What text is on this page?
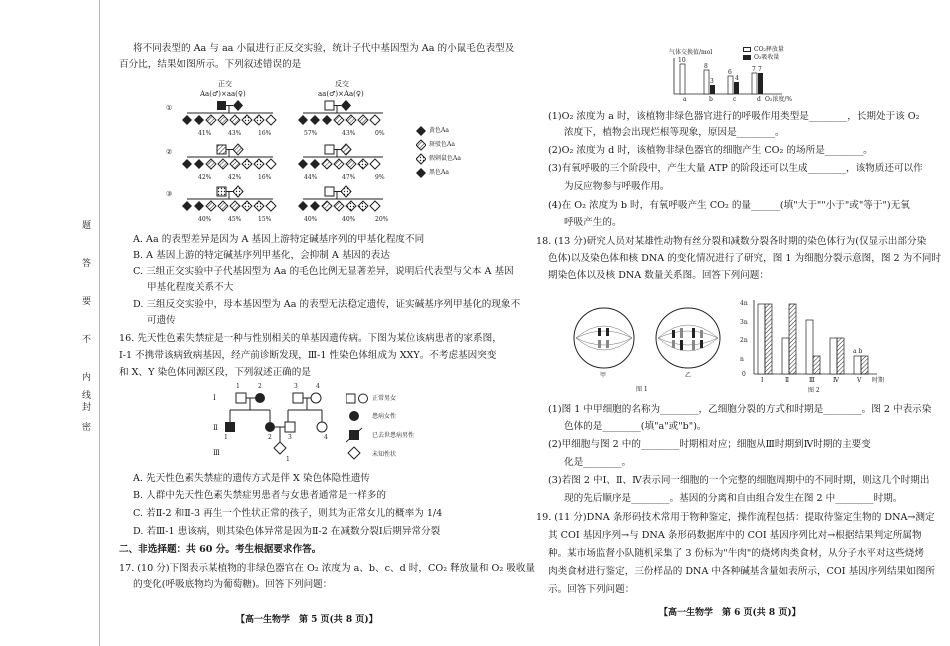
题
答
要
不
内
线
封
密
将不同表型的 Aa 与 aa 小鼠进行正反交实验，统计子代中基因型为 Aa 的小鼠毛色表型及
百分比，结果如图所示。下列叙述错误的是
正交
Aa(♂)×aa(♀)
反交
aa(♂)×Aa(♀)
①
②
③
41%	43%	16%	57%	43%	0%
42%	42%	16%	44%	47%	9%
40%	45%	15%	40%	40%	20%
黄色Aa
斑驳色Aa
假刺鼠色Aa
黑色Aa
A. Aa 的表型差异是因为 A 基因上游特定碱基序列的甲基化程度不同
B. A 基因上游的特定碱基序列甲基化，会抑制 A 基因的表达
C. 三组正交实验中子代基因型为 Aa 的毛色比例无显著差异，说明后代表型与父本 A 基因
甲基化程度关系不大
D. 三组反交实验中，母本基因型为 Aa 的表型无法稳定遗传，证实碱基序列甲基化的现象不
可遗传
16. 先天性色素失禁症是一种与性别相关的单基因遗传病。下图为某位该病患者的家系图，
Ⅰ-1 不携带该病致病基因，经产前诊断发现，Ⅲ-1 性染色体组成为 XXY。不考虑基因突变
和 X、Y 染色体同源区段，下列叙述正确的是
Ⅰ
Ⅱ
Ⅲ
1	2	3	4
1	2	3	4
1
正常男女
患病女性
已去世患病男性
未知性状
A. 先天性色素失禁症的遗传方式是伴 X 染色体隐性遗传
B. 人群中先天性色素失禁症男患者与女患者通常是一样多的
C. 若Ⅱ-2 和Ⅱ-3 再生一个性状正常的孩子，则其为正常女儿的概率为 1/4
D. 若Ⅲ-1 患该病，则其染色体异常是因为Ⅱ-2 在减数分裂Ⅰ后期异常分裂
二、非选择题：共 60 分。考生根据要求作答。
17. (10 分)下图表示某植物的非绿色器官在 O₂ 浓度为 a、b、c、d 时，CO₂ 释放量和 O₂ 吸收量
的变化(呼吸底物均为葡萄糖)。回答下列问题：
【高一生物学　第 5 页(共 8 页)】
气体交换值/mol
10
8
3
6
4
7 7
a	b	c	d O₂浓度/%
CO₂释放量
O₂吸收量
(1)O₂ 浓度为 a 时，该植物非绿色器官进行的呼吸作用类型是________，长期处于该 O₂
浓度下，植物会出现烂根等现象，原因是________。
(2)O₂ 浓度为 d 时，该植物非绿色器官的细胞产生 CO₂ 的场所是________。
(3)有氧呼吸的三个阶段中，产生大量 ATP 的阶段还可以生成________，该物质还可以作
为反应物参与呼吸作用。
(4)在 O₂ 浓度为 b 时，有氧呼吸产生 CO₂ 的量______(填"大于""小于"或"等于")无氧
呼吸产生的。
18. (13 分)研究人员对某雄性动物有丝分裂和减数分裂各时期的染色体行为(仅显示出部分染
色体)以及染色体和核 DNA 的变化情况进行了研究，图 1 为细胞分裂示意图，图 2 为不同时
期染色体以及核 DNA 数量关系图。回答下列问题：
甲	乙
图 1
4n
3n
2n
n
0
a b
Ⅰ	Ⅱ	Ⅲ	Ⅳ	Ⅴ 时期
图 2
(1)图 1 中甲细胞的名称为________，乙细胞分裂的方式和时期是________。图 2 中表示染
色体的是________(填"a"或"b")。
(2)甲细胞与图 2 中的________时期相对应；细胞从Ⅲ时期到Ⅳ时期的主要变
化是________。
(3)若图 2 中Ⅰ、Ⅱ、Ⅳ表示同一细胞的一个完整的细胞周期中的不同时期，则这几个时期出
现的先后顺序是________。基因的分离和自由组合发生在图 2 中________时期。
19. (11 分)DNA 条形码技术常用于物种鉴定，操作流程包括：提取待鉴定生物的 DNA→测定
其 COI 基因序列→与 DNA 条形码数据库中的 COI 基因序列比对→根据结果判定所属物
种。某市场监督小队随机采集了 3 份标为"牛肉"的烧烤肉类食材，从分子水平对这些烧烤
肉类食材进行鉴定，三份样品的 DNA 中各种碱基含量如表所示，COI 基因序列结果如图所
示。回答下列问题：
【高一生物学　第 6 页(共 8 页)】
